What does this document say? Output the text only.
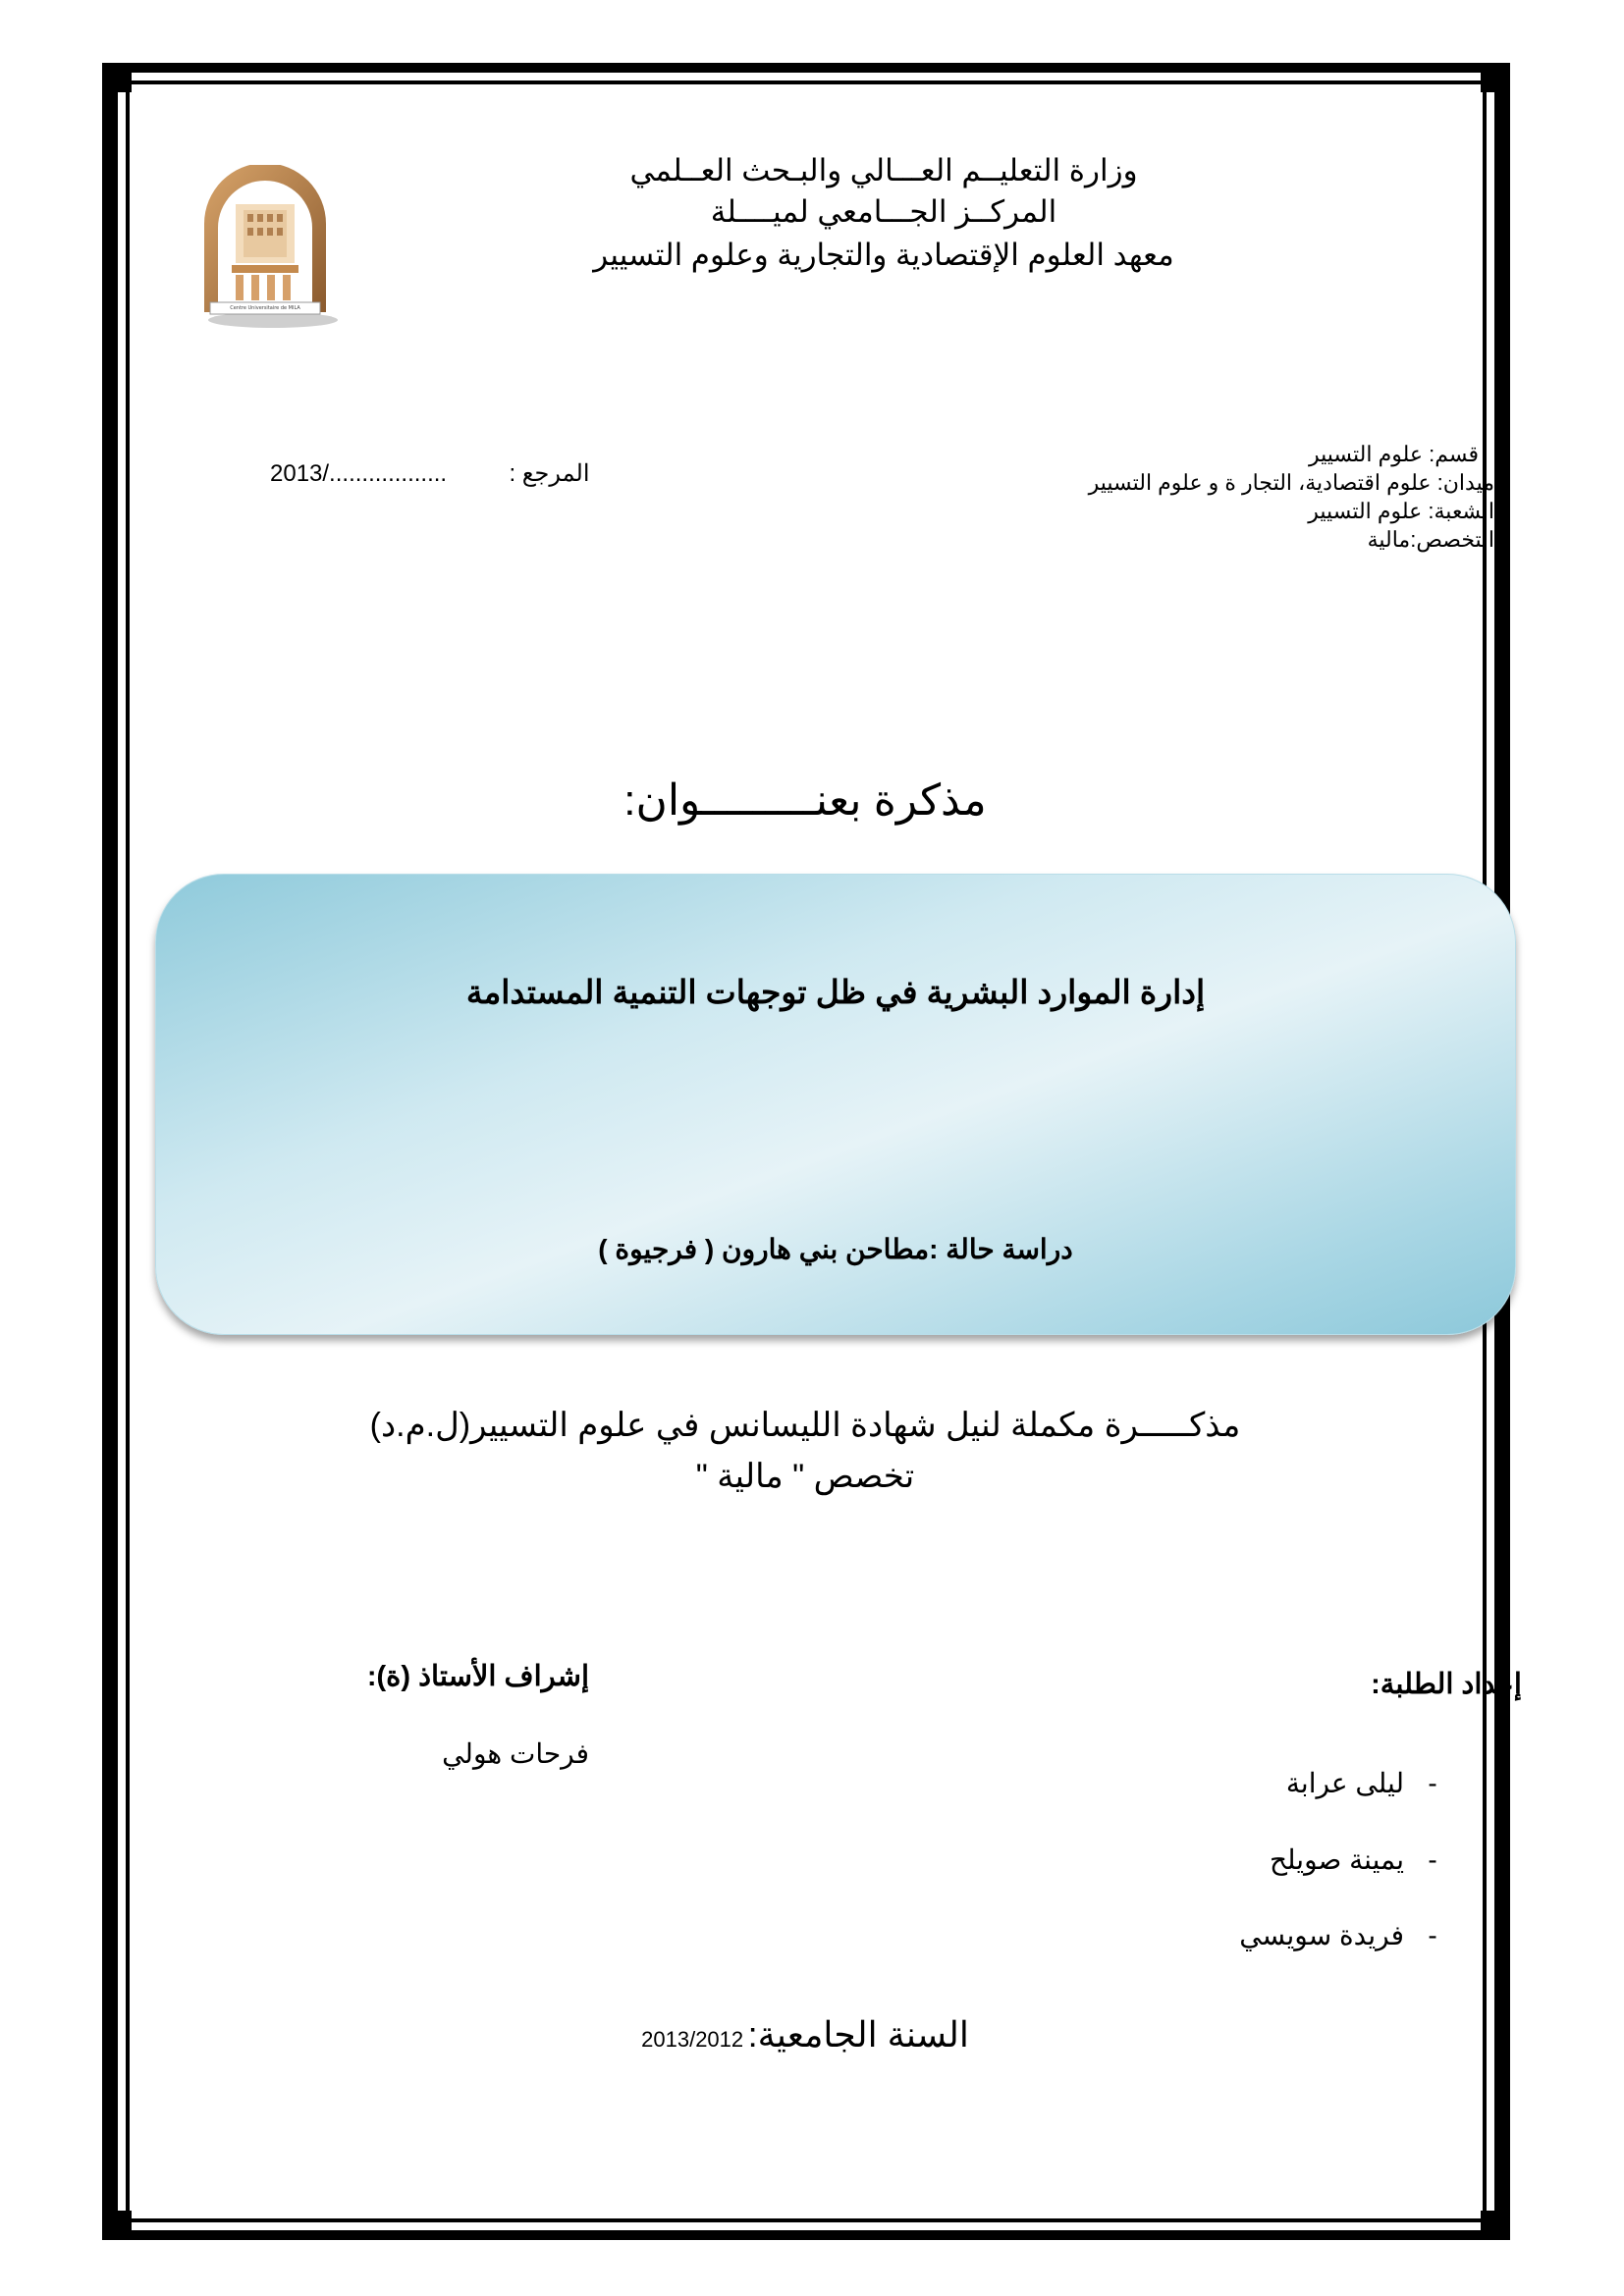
Centre Universitaire de MILA
وزارة التعليــم العـــالي والبـحث العــلمي
المركــز الجـــامعي لميــــلة
معهد العلوم الإقتصادية والتجارية وعلوم التسيير
2013/..................	المرجع :
قسم: علوم التسيير
ميدان: علوم اقتصادية، التجار ة و علوم التسيير
الشعبة: علوم التسيير
التخصص:مالية
مذكرة بعنـــــــــوان:
إدارة الموارد البشرية في ظل توجهات التنمية المستدامة
دراسة حالة :مطاحن بني هارون ( فرجيوة )
مذكـــــرة مكملة لنيل شهادة الليسانس في علوم التسيير(ل.م.د)
تخصص " مالية "
إشراف الأستاذ (ة):
فرحات هولي
إعداد الطلبة:
-ليلى عرابة
-يمينة صويلح
-فريدة سويسي
السنة الجامعية: 2013/2012
